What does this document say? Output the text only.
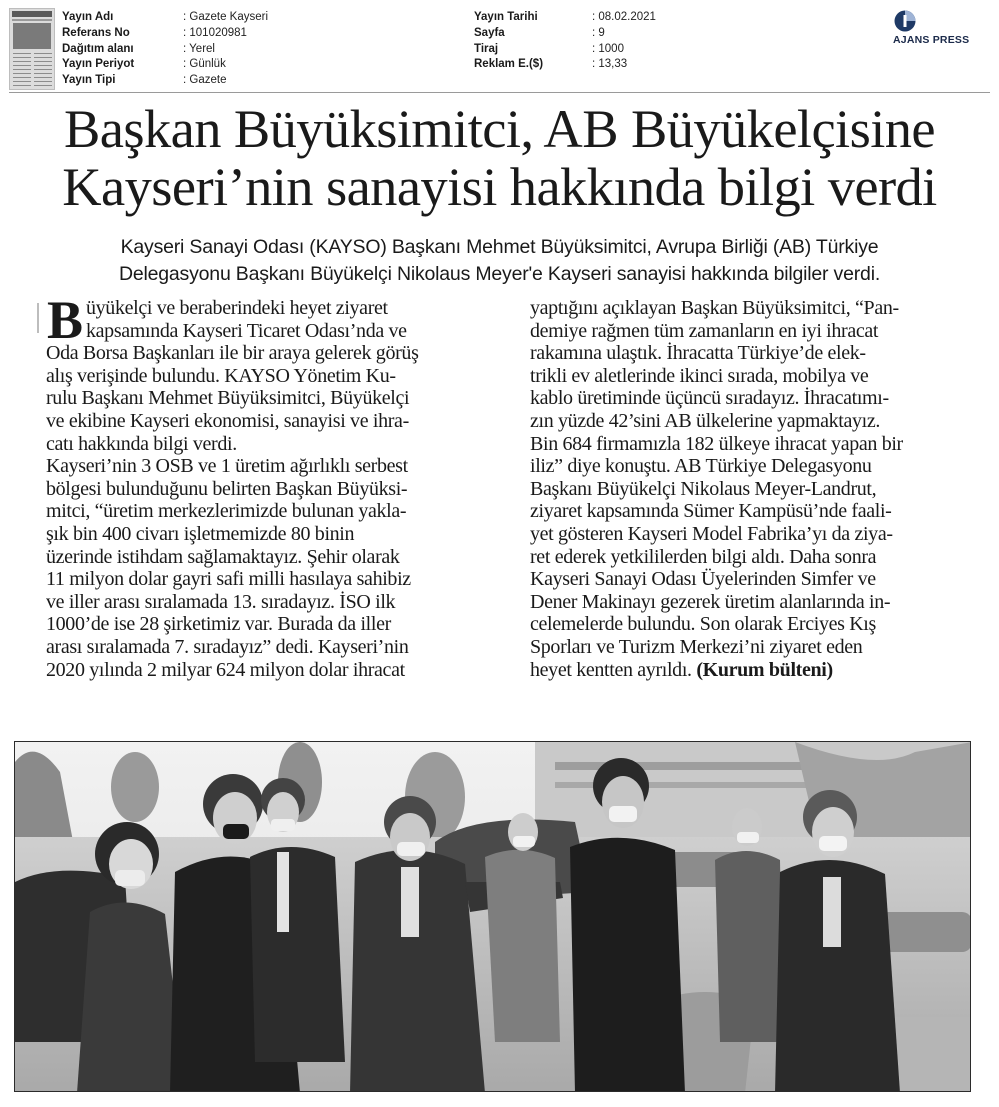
Yayın Adı	: Gazete Kayseri
Referans No	: 101020981
Dağıtım alanı	: Yerel
Yayın Periyot	: Günlük
Yayın Tipi	: Gazete
Yayın Tarihi	: 08.02.2021
Sayfa	: 9
Tiraj	: 1000
Reklam E.($)	: 13,33
AJANS PRESS
Başkan Büyüksimitci, AB Büyükelçisine
Kayseri’nin sanayisi hakkında bilgi verdi
Kayseri Sanayi Odası (KAYSO) Başkanı Mehmet Büyüksimitci, Avrupa Birliği (AB) Türkiye
Delegasyonu Başkanı Büyükelçi Nikolaus Meyer'e Kayseri sanayisi hakkında bilgiler verdi.
B üyükelçi ve beraberindeki heyet ziyaret
kapsamında Kayseri Ticaret Odası’nda ve
Oda Borsa Başkanları ile bir araya gelerek görüş
alış verişinde bulundu. KAYSO Yönetim Ku-
rulu Başkanı Mehmet Büyüksimitci, Büyükelçi
ve ekibine Kayseri ekonomisi, sanayisi ve ihra-
catı hakkında bilgi verdi.
Kayseri’nin 3 OSB ve 1 üretim ağırlıklı serbest
bölgesi bulunduğunu belirten Başkan Büyüksi-
mitci, “üretim merkezlerimizde bulunan yakla-
şık bin 400 civarı işletmemizde 80 binin
üzerinde istihdam sağlamaktayız. Şehir olarak
11 milyon dolar gayri safi milli hasılaya sahibiz
ve iller arası sıralamada 13. sıradayız. İSO ilk
1000’de ise 28 şirketimiz var. Burada da iller
arası sıralamada 7. sıradayız” dedi. Kayseri’nin
2020 yılında 2 milyar 624 milyon dolar ihracat
yaptığını açıklayan Başkan Büyüksimitci, “Pan-
demiye rağmen tüm zamanların en iyi ihracat
rakamına ulaştık. İhracatta Türkiye’de elek-
trikli ev aletlerinde ikinci sırada, mobilya ve
kablo üretiminde üçüncü sıradayız. İhracatımı-
zın yüzde 42’sini AB ülkelerine yapmaktayız.
Bin 684 firmamızla 182 ülkeye ihracat yapan bir
iliz” diye konuştu. AB Türkiye Delegasyonu
Başkanı Büyükelçi Nikolaus Meyer-Landrut,
ziyaret kapsamında Sümer Kampüsü’nde faali-
yet gösteren Kayseri Model Fabrika’yı da ziya-
ret ederek yetkililerden bilgi aldı. Daha sonra
Kayseri Sanayi Odası Üyelerinden Simfer ve
Dener Makinayı gezerek üretim alanlarında in-
celemelerde bulundu. Son olarak Erciyes Kış
Sporları ve Turizm Merkezi’ni ziyaret eden
heyet kentten ayrıldı. (Kurum bülteni)
